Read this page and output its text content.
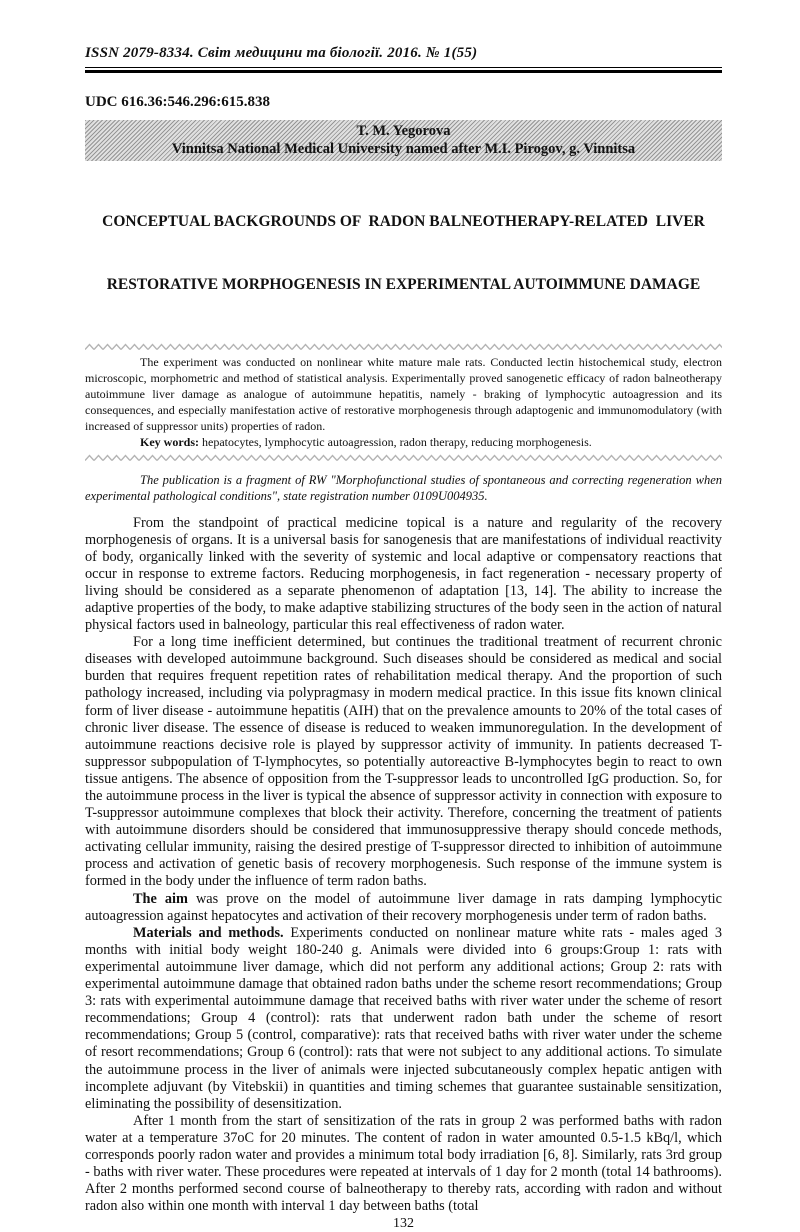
ISSN 2079-8334. Світ медицини та біології. 2016. № 1(55)
UDC 616.36:546.296:615.838
T. M. Yegorova
Vinnitsa National Medical University named after M.I. Pirogov, g. Vinnitsa

CONCEPTUAL BACKGROUNDS OF  RADON BALNEOTHERAPY-RELATED  LIVER

RESTORATIVE MORPHOGENESIS IN EXPERIMENTAL AUTOIMMUNE DAMAGE

The experiment was conducted on nonlinear white mature male rats. Conducted lectin histochemical study, electron microscopic, morphometric and method of statistical analysis. Experimentally proved sanogenetic efficacy of radon balneotherapy autoimmune liver damage as analogue of autoimmune hepatitis, namely - braking of lymphocytic autoagression and its consequences, and especially manifestation active of restorative morphogenesis through adaptogenic and immunomodulatory (with increased of suppressor units) properties of radon.

Key words: hepatocytes, lymphocytic autoagression, radon therapy, reducing morphogenesis.

The publication is a fragment of RW "Morphofunctional studies of spontaneous and correcting regeneration when experimental pathological conditions", state registration number 0109U004935.

From the standpoint of practical medicine topical is a nature and regularity of the recovery morphogenesis of organs. It is a universal basis for sanogenesis that are manifestations of individual reactivity of body, organically linked with the severity of systemic and local adaptive or compensatory reactions that occur in response to extreme factors. Reducing morphogenesis, in fact regeneration - necessary property of living should be considered as a separate phenomenon of adaptation [13, 14]. The ability to increase the adaptive properties of the body, to make adaptive stabilizing structures of the body seen in the action of natural physical factors used in balneology, particular this real effectiveness of radon water.

For a long time inefficient determined, but continues the traditional treatment of recurrent chronic diseases with developed autoimmune background. Such diseases should be considered as medical and social burden that requires frequent repetition rates of rehabilitation medical therapy. And the proportion of such pathology increased, including via polypragmasy in modern medical practice. In this issue fits known clinical form of liver disease - autoimmune hepatitis (AIH) that on the prevalence amounts to 20% of the total cases of chronic liver disease. The essence of disease is reduced to weaken immunoregulation. In the development of autoimmune reactions decisive role is played by suppressor activity of immunity. In patients decreased T-suppressor subpopulation of T-lymphocytes, so potentially autoreactive B-lymphocytes begin to react to own tissue antigens. The absence of opposition from the T-suppressor leads to uncontrolled IgG production. So, for the autoimmune process in the liver is typical the absence of suppressor activity in connection with exposure to T-suppressor autoimmune complexes that block their activity. Therefore, concerning the treatment of patients with autoimmune disorders should be considered that immunosuppressive therapy should concede methods, activating cellular immunity, raising the desired prestige of T-suppressor directed to inhibition of autoimmune process and activation of genetic basis of recovery morphogenesis. Such response of the immune system is formed in the body under the influence of term radon baths.

The aim was prove on the model of autoimmune liver damage in rats damping lymphocytic autoagression against hepatocytes and activation of their recovery morphogenesis under term of radon baths.

Materials and methods. Experiments conducted on nonlinear mature white rats - males aged 3 months with initial body weight 180-240 g. Animals were divided into 6 groups:Group 1: rats with experimental autoimmune liver damage, which did not perform any additional actions; Group 2: rats with experimental autoimmune damage that obtained radon baths under the scheme resort recommendations; Group 3: rats with experimental autoimmune damage that received baths with river water under the scheme of resort recommendations; Group 4 (control): rats that underwent radon bath under the scheme of resort recommendations; Group 5 (control, comparative): rats that received baths with river water under the scheme of resort recommendations; Group 6 (control): rats that were not subject to any additional actions. To simulate the autoimmune process in the liver of animals were injected subcutaneously complex hepatic antigen with incomplete adjuvant (by Vitebskii) in quantities and timing schemes that guarantee sustainable sensitization, eliminating the possibility of desensitization.

After 1 month from the start of sensitization of the rats in group 2 was performed baths with radon water at a temperature 37oC for 20 minutes. The content of radon in water amounted 0.5-1.5 kBq/l, which corresponds poorly radon water and provides a minimum total body irradiation [6, 8]. Similarly, rats 3rd group - baths with river water. These procedures were repeated at intervals of 1 day for 2 month (total 14 bathrooms). After 2 months performed second course of balneotherapy to thereby rats, according with radon and without radon also within one month with interval 1 day between baths (total

132
